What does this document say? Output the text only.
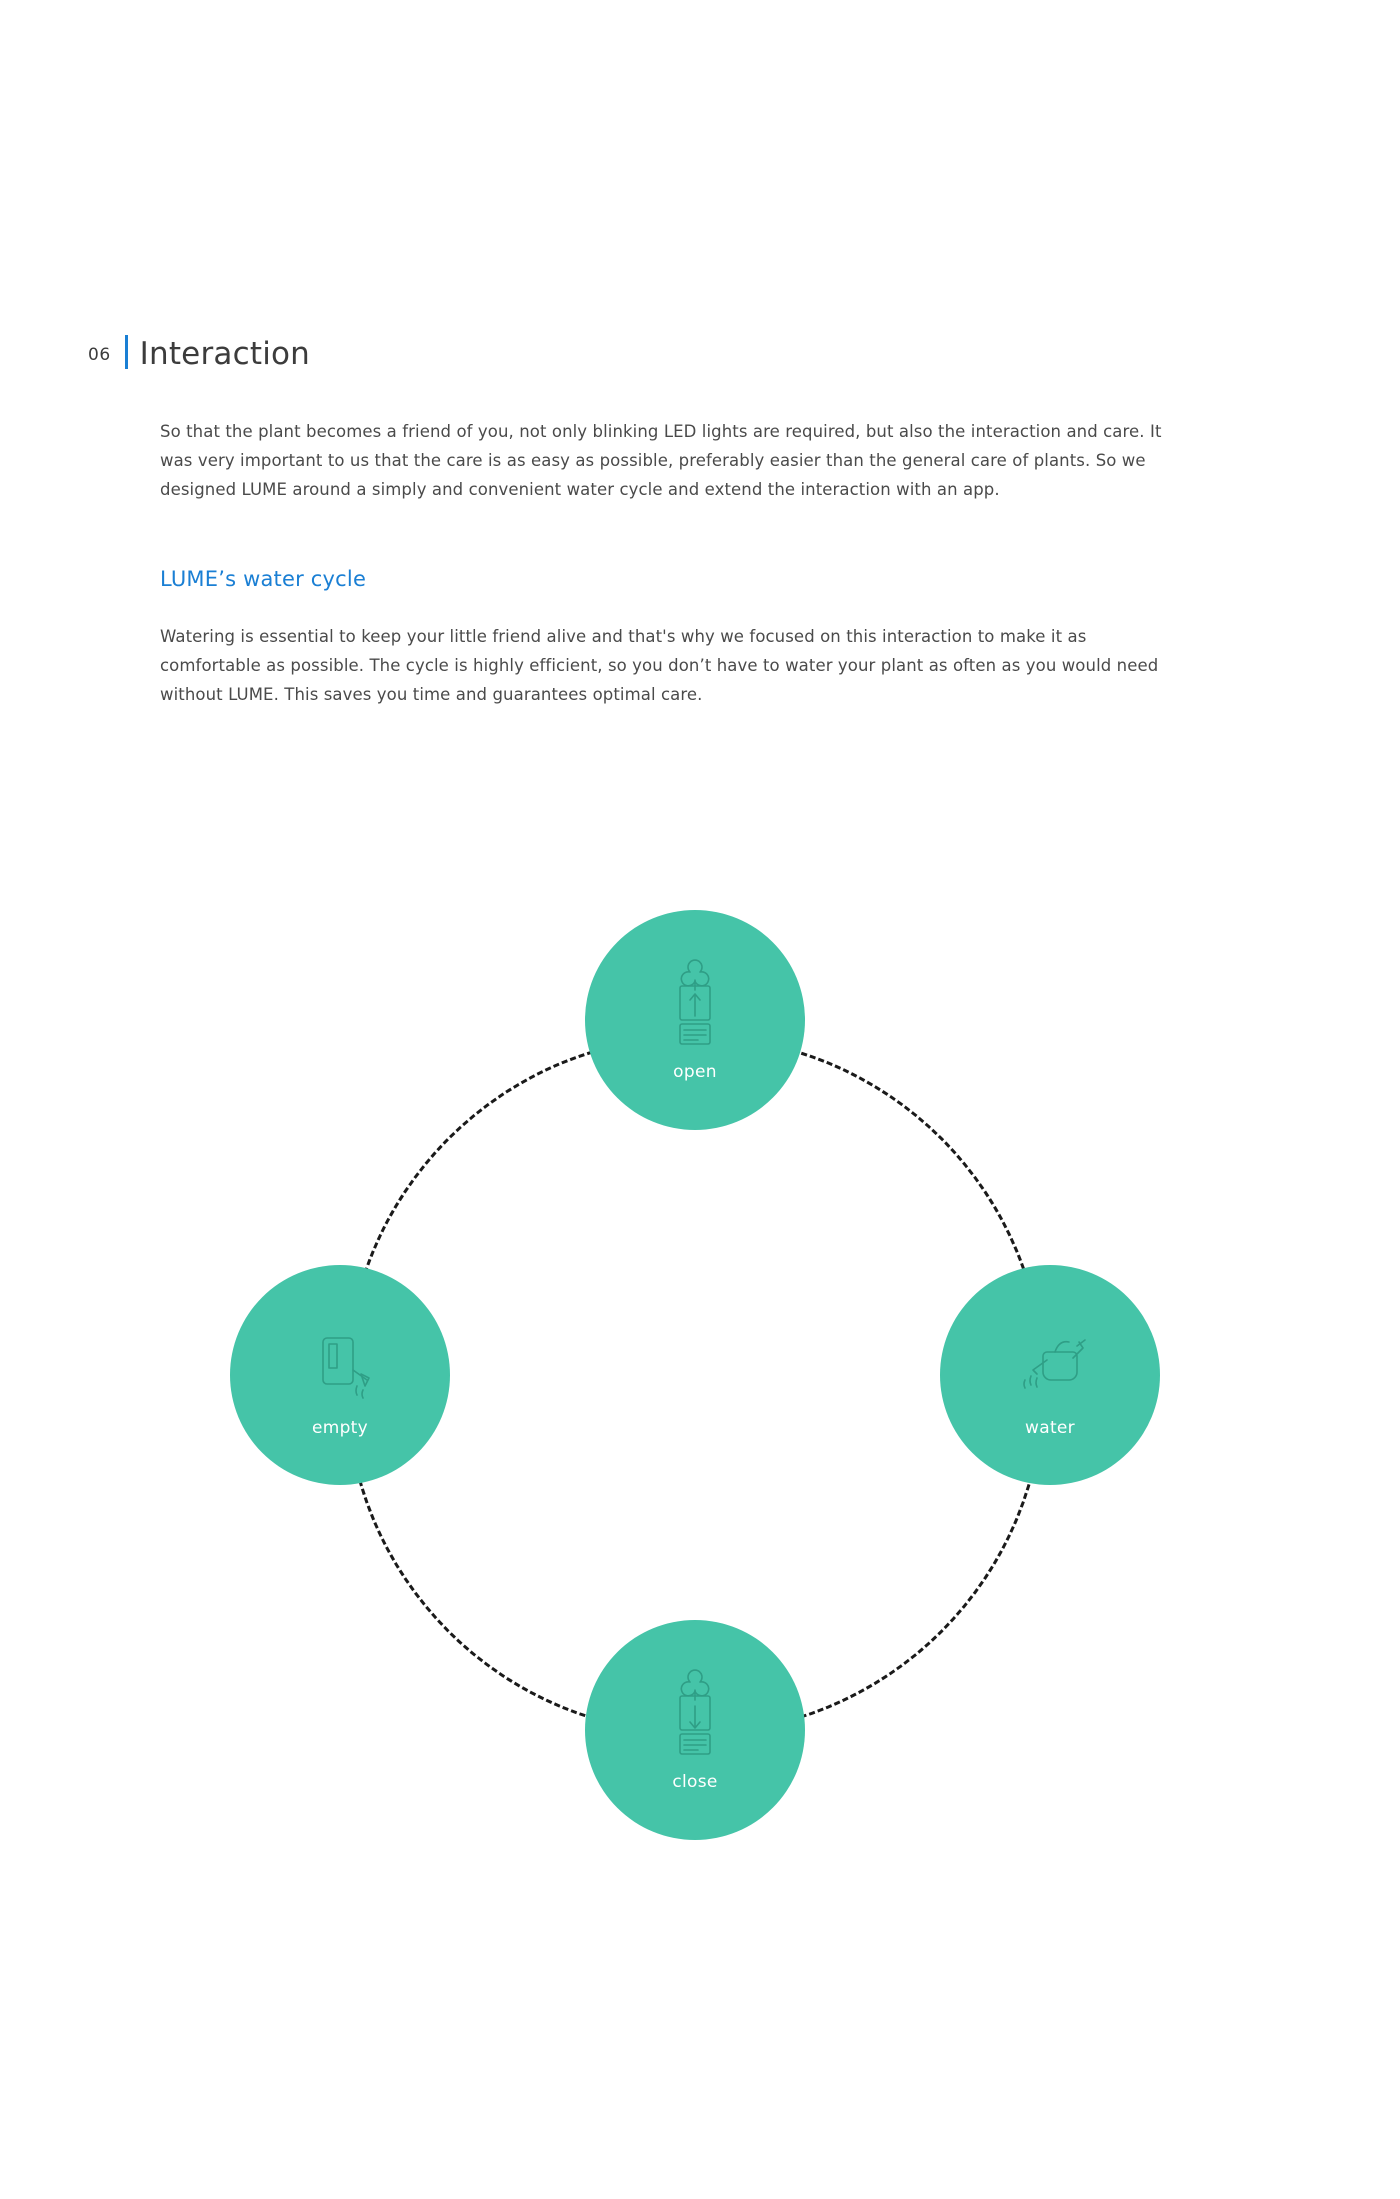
06 Interaction

So that the plant becomes a friend of you, not only blinking LED lights are required, but also the interaction and care. It was very important to us that the care is as easy as possible, preferably easier than the general care of plants. So we designed LUME around a simply and convenient water cycle and extend the interaction with an app.

LUME’s water cycle

Watering is essential to keep your little friend alive and that's why we focused on this interaction to make it as comfortable as possible. The cycle is highly efficient, so you don’t have to water your plant as often as you would need without LUME. This saves you time and guarantees optimal care.

open
water
close
empty
